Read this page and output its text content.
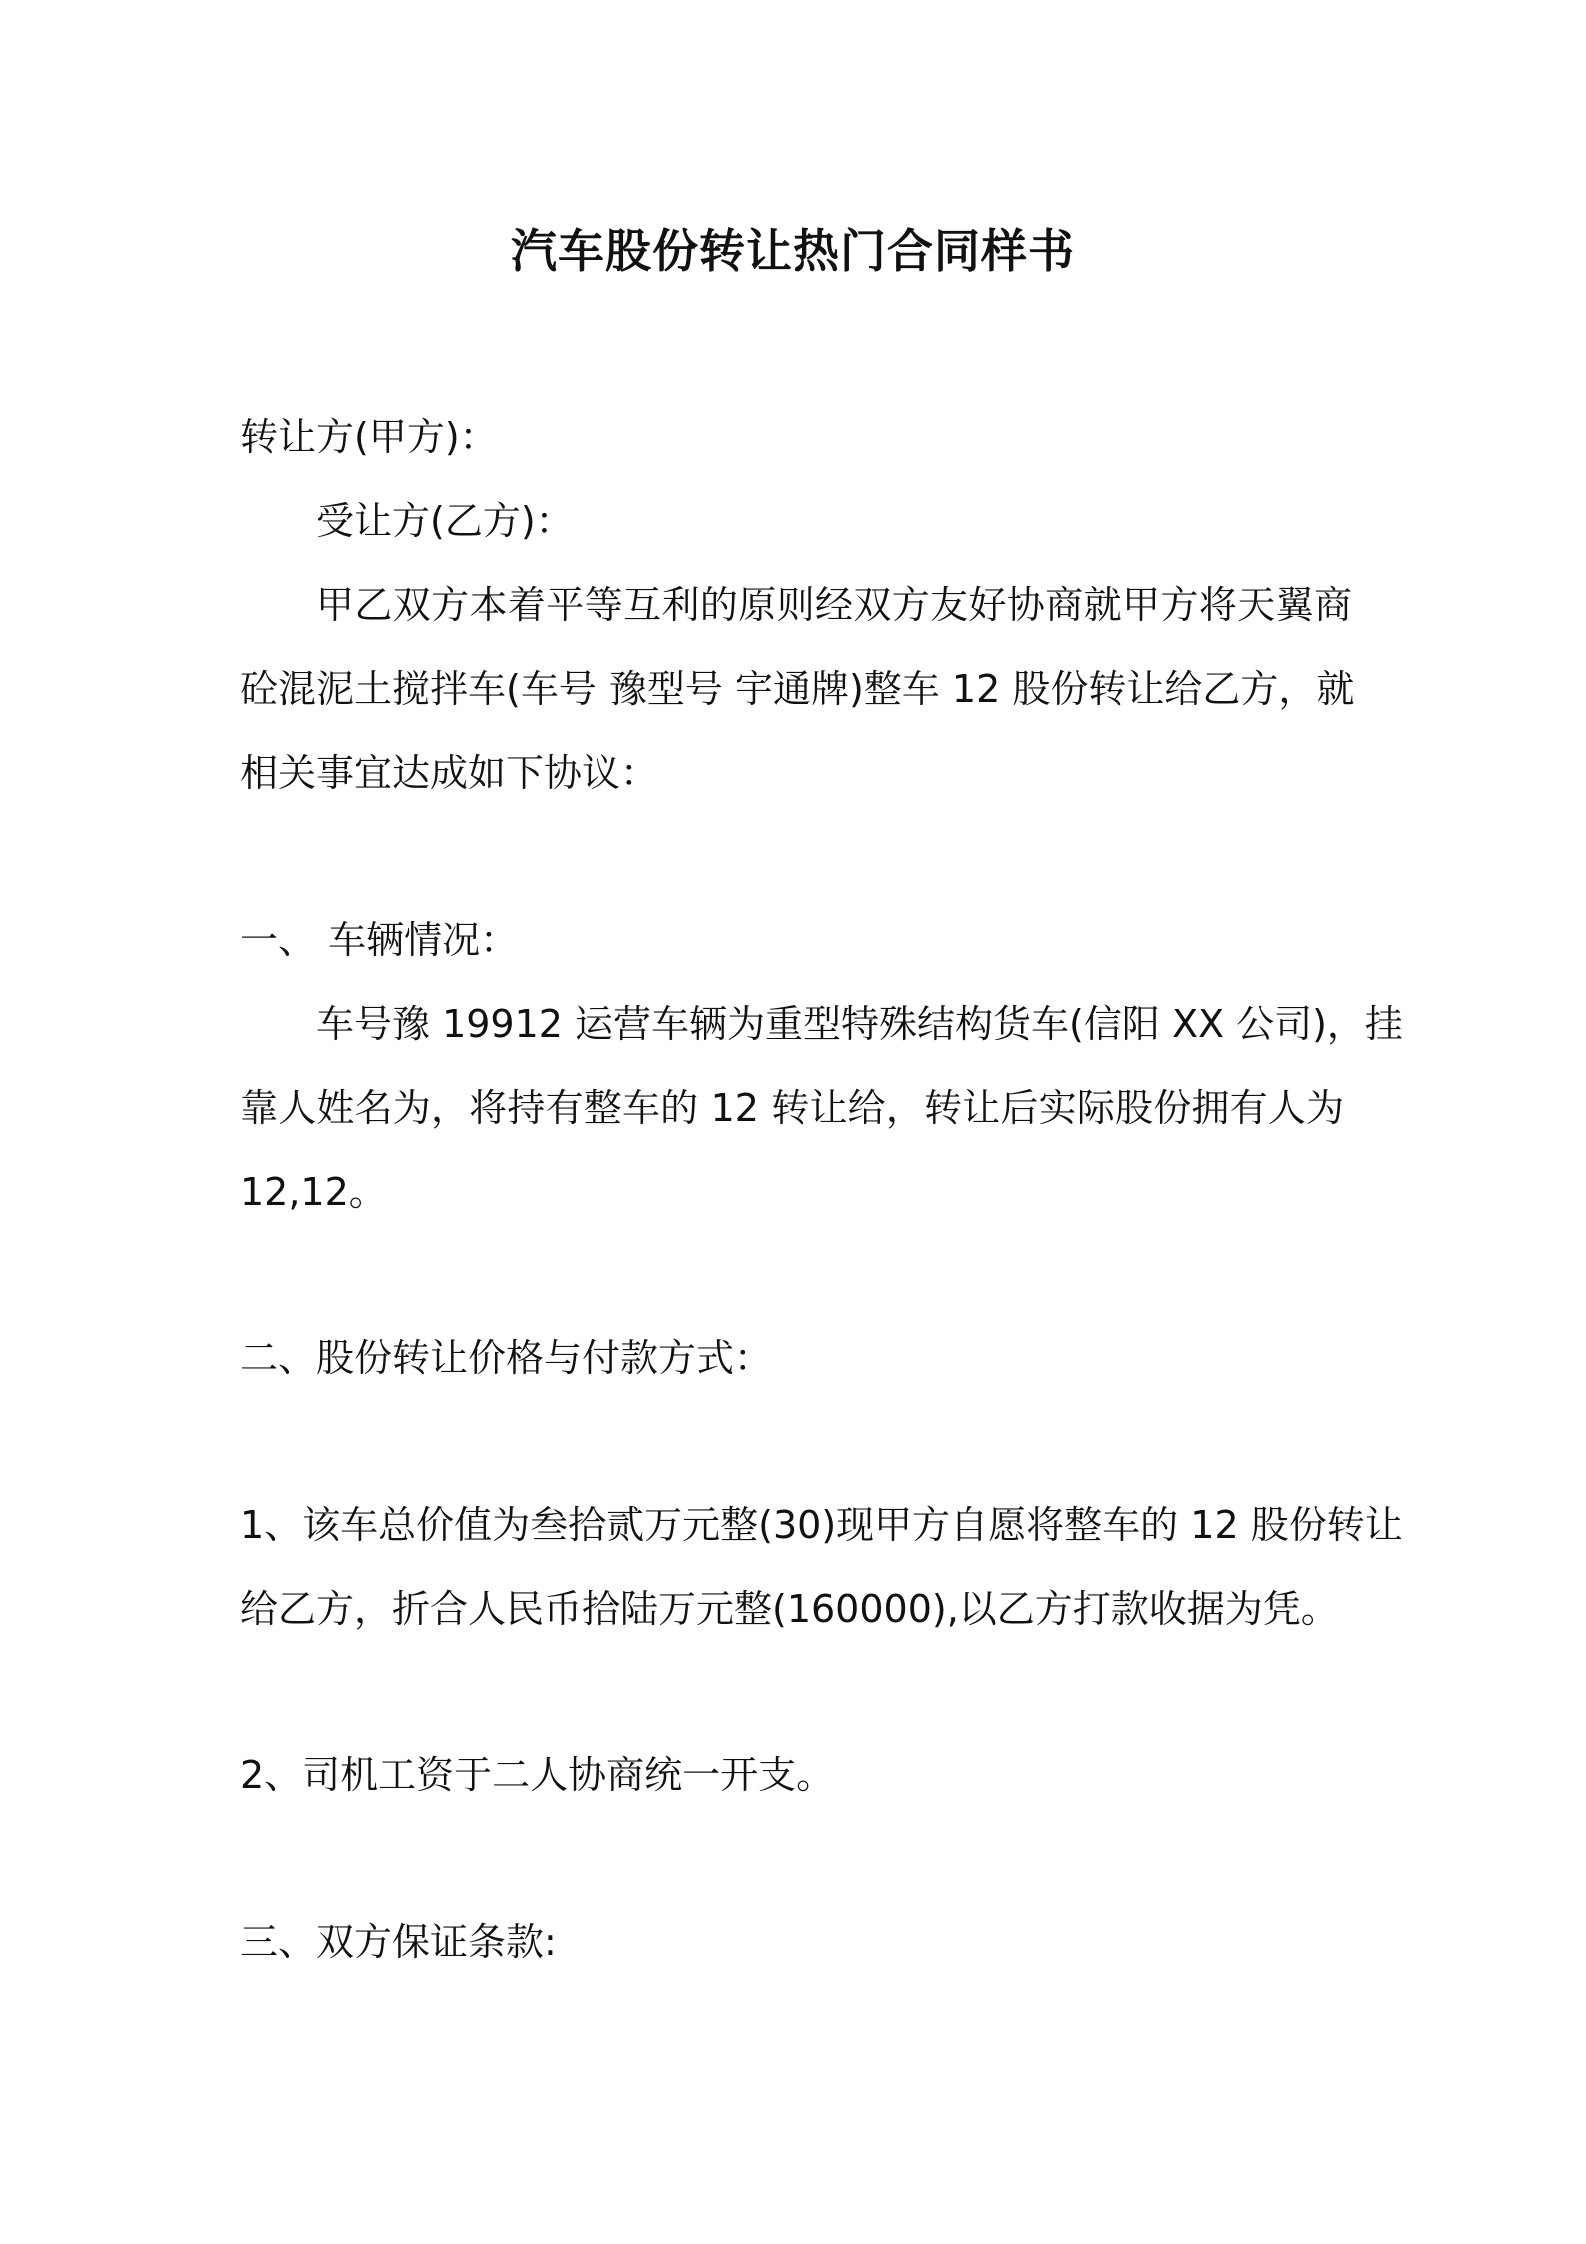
汽车股份转让热门合同样书
转让方(甲方)：
受让方(乙方)：
甲乙双方本着平等互利的原则经双方友好协商就甲方将天翼商
砼混泥土搅拌车(车号 豫型号 宇通牌)整车 12 股份转让给乙方，就
相关事宜达成如下协议：
一、 车辆情况：
车号豫 19912 运营车辆为重型特殊结构货车(信阳 XX 公司)，挂
靠人姓名为，将持有整车的 12 转让给，转让后实际股份拥有人为
12,12。
二、股份转让价格与付款方式：
1、该车总价值为叁拾贰万元整(30)现甲方自愿将整车的 12 股份转让
给乙方，折合人民币拾陆万元整(160000),以乙方打款收据为凭。
2、司机工资于二人协商统一开支。
三、双方保证条款:
